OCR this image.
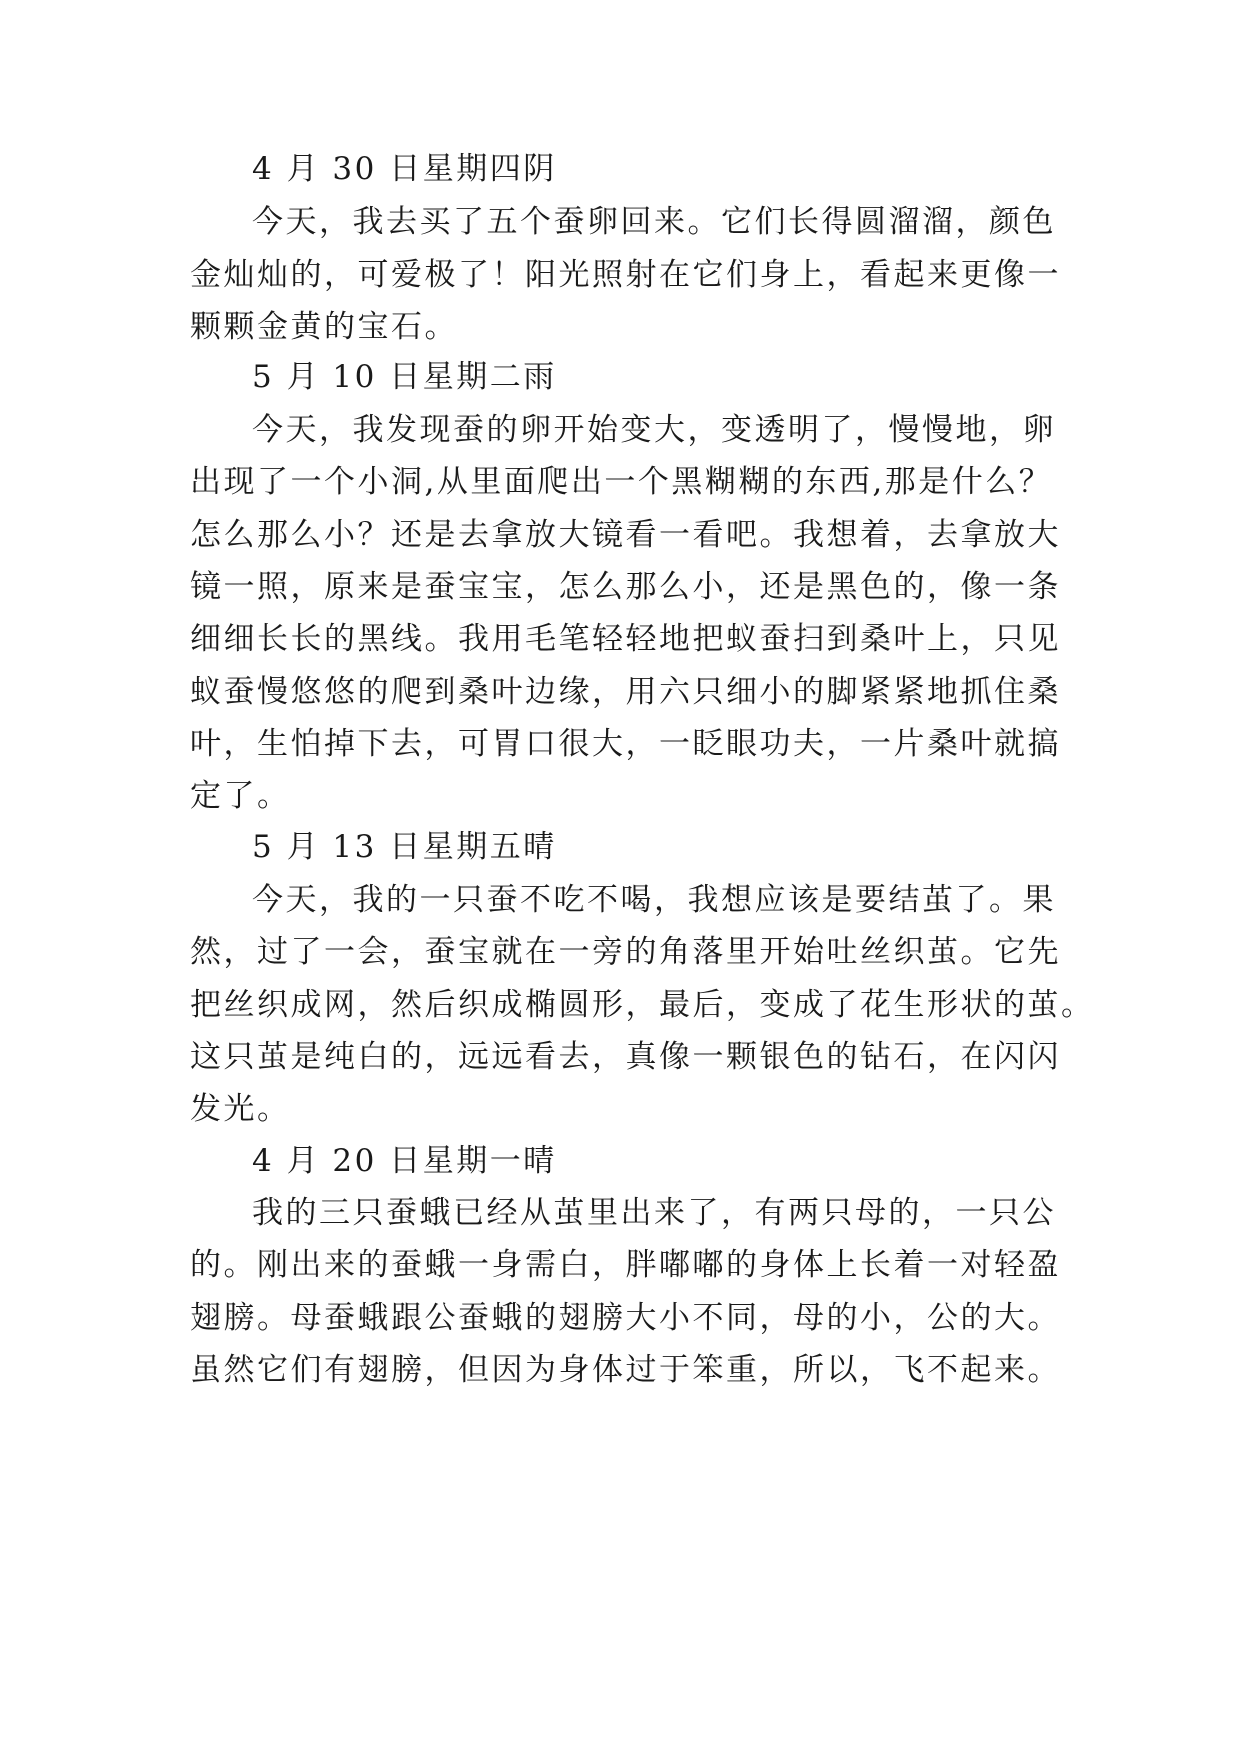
4 月 30 日星期四阴
今天，我去买了五个蚕卵回来。它们长得圆溜溜，颜色
金灿灿的，可爱极了！阳光照射在它们身上，看起来更像一
颗颗金黄的宝石。
5 月 10 日星期二雨
今天，我发现蚕的卵开始变大，变透明了，慢慢地，卵
出现了一个小洞,从里面爬出一个黑糊糊的东西,那是什么？
怎么那么小？还是去拿放大镜看一看吧。我想着，去拿放大
镜一照，原来是蚕宝宝，怎么那么小，还是黑色的，像一条
细细长长的黑线。我用毛笔轻轻地把蚁蚕扫到桑叶上，只见
蚁蚕慢悠悠的爬到桑叶边缘，用六只细小的脚紧紧地抓住桑
叶，生怕掉下去，可胃口很大，一眨眼功夫，一片桑叶就搞
定了。
5 月 13 日星期五晴
今天，我的一只蚕不吃不喝，我想应该是要结茧了。果
然，过了一会，蚕宝就在一旁的角落里开始吐丝织茧。它先
把丝织成网，然后织成椭圆形，最后，变成了花生形状的茧。
这只茧是纯白的，远远看去，真像一颗银色的钻石，在闪闪
发光。
4 月 20 日星期一晴
我的三只蚕蛾已经从茧里出来了，有两只母的，一只公
的。刚出来的蚕蛾一身需白，胖嘟嘟的身体上长着一对轻盈
翅膀。母蚕蛾跟公蚕蛾的翅膀大小不同，母的小，公的大。
虽然它们有翅膀，但因为身体过于笨重，所以，飞不起来。
